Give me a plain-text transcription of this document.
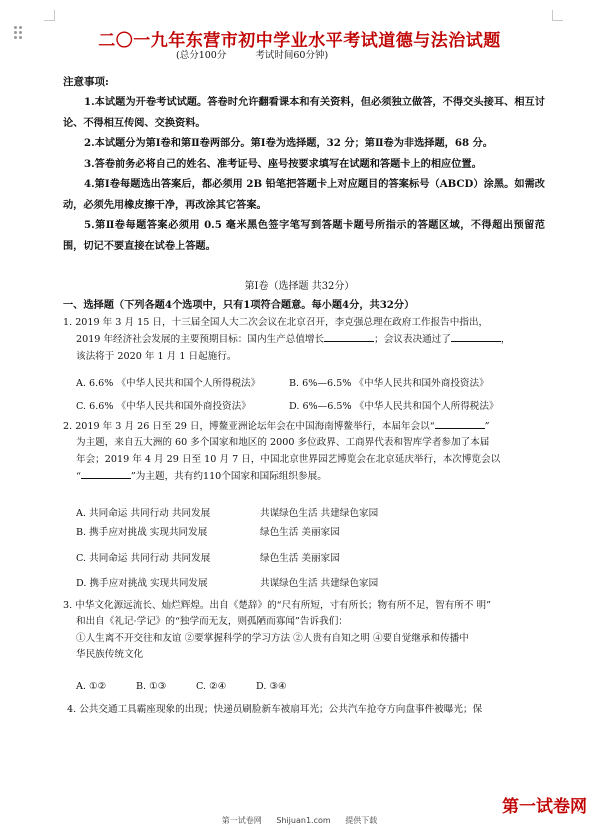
二〇一九年东营市初中学业水平考试道德与法治试题
(总分100分	考试时间60分钟)
注意事项:
1.本试题为开卷考试试题。答卷时允许翻看课本和有关资料，但必须独立做答，不得交头接耳、相互讨论、不得相互传阅、交换资料。
2.本试题分为第Ⅰ卷和第Ⅱ卷两部分。第Ⅰ卷为选择题，32 分；第Ⅱ卷为非选择题，68 分。
3.答卷前务必将自己的姓名、准考证号、座号按要求填写在试题和答题卡上的相应位置。
4.第Ⅰ卷每题选出答案后，都必须用 2B 铅笔把答题卡上对应题目的答案标号（ABCD）涂黑。如需改动，必须先用橡皮擦干净，再改涂其它答案。
5.第Ⅱ卷每题答案必须用 0.5 毫米黑色签字笔写到答题卡题号所指示的答题区域，不得超出预留范围，切记不要直接在试卷上答题。
第Ⅰ卷（选择题 共32分）
一、选择题（下列各题4个选项中，只有1项符合题意。每小题4分，共32分）
1. 2019 年 3 月 15 日，十三届全国人大二次会议在北京召开，李克强总理在政府工作报告中指出，

2019 年经济社会发展的主要预期目标：国内生产总值增长	；会议表决通过了	，
该法将于 2020 年 1 月 1 日起施行。
A. 6.6% 《中华人民共和国个人所得税法》	B. 6%—6.5% 《中华人民共和国外商投资法》
C. 6.6% 《中华人民共和国外商投资法》	D. 6%—6.5% 《中华人民共和国个人所得税法》
2. 2019 年 3 月 26 日至 29 日，博鳌亚洲论坛年会在中国海南博鳌举行，本届年会以“	”

为主题，来自五大洲的 60 多个国家和地区的 2000 多位政界、工商界代表和智库学者参加了本届
年会；2019 年 4 月 29 日至 10 月 7 日，中国北京世界园艺博览会在北京延庆举行，本次博览会以
“	”为主题，共有约110个国家和国际组织参展。
A. 共同命运 共同行动 共同发展	共谋绿色生活 共建绿色家园
B. 携手应对挑战 实现共同发展	绿色生活 美丽家园
C. 共同命运 共同行动 共同发展	绿色生活 美丽家园
D. 携手应对挑战 实现共同发展	共谋绿色生活 共建绿色家园
3. 中华文化源远流长、灿烂辉煌。出自《楚辞》的“尺有所短，寸有所长；物有所不足，智有所不 明”

和出自《礼记·学记》的“独学而无友，则孤陋而寡闻”告诉我们：
①人生离不开交往和友谊 ②要掌握科学的学习方法 ②人贵有自知之明 ④要自觉继承和传播中
华民族传统文化
A. ①②	B. ①③	C. ②④	D. ③④
4. 公共交通工具霸座现象的出现；快递员刷脸新车被扇耳光；公共汽车抢夺方向盘事件被曝光；保
第一试卷网
第一试卷网 Shijuan1.com 提供下载
